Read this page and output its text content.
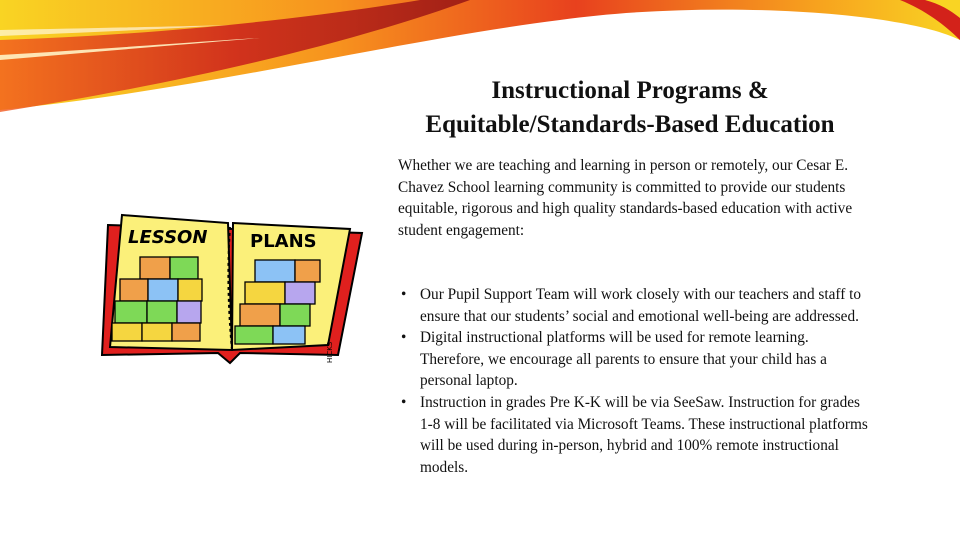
Instructional Programs &
Equitable/Standards-Based Education

Whether we are teaching and learning in person or remotely, our Cesar E. Chavez School learning community is committed to provide our students equitable, rigorous and high quality standards-based education with active student engagement:

• Our Pupil Support Team will work closely with our teachers and staff to ensure that our students’ social and emotional well-being are addressed.
• Digital instructional platforms will be used for remote learning. Therefore, we encourage all parents to ensure that your child has a personal laptop.
• Instruction in grades Pre K-K will be via SeeSaw. Instruction for grades 1-8 will be facilitated via Microsoft Teams. These instructional platforms will be used during in-person, hybrid and 100% remote instructional models.
LESSON PLANS
HICKS
